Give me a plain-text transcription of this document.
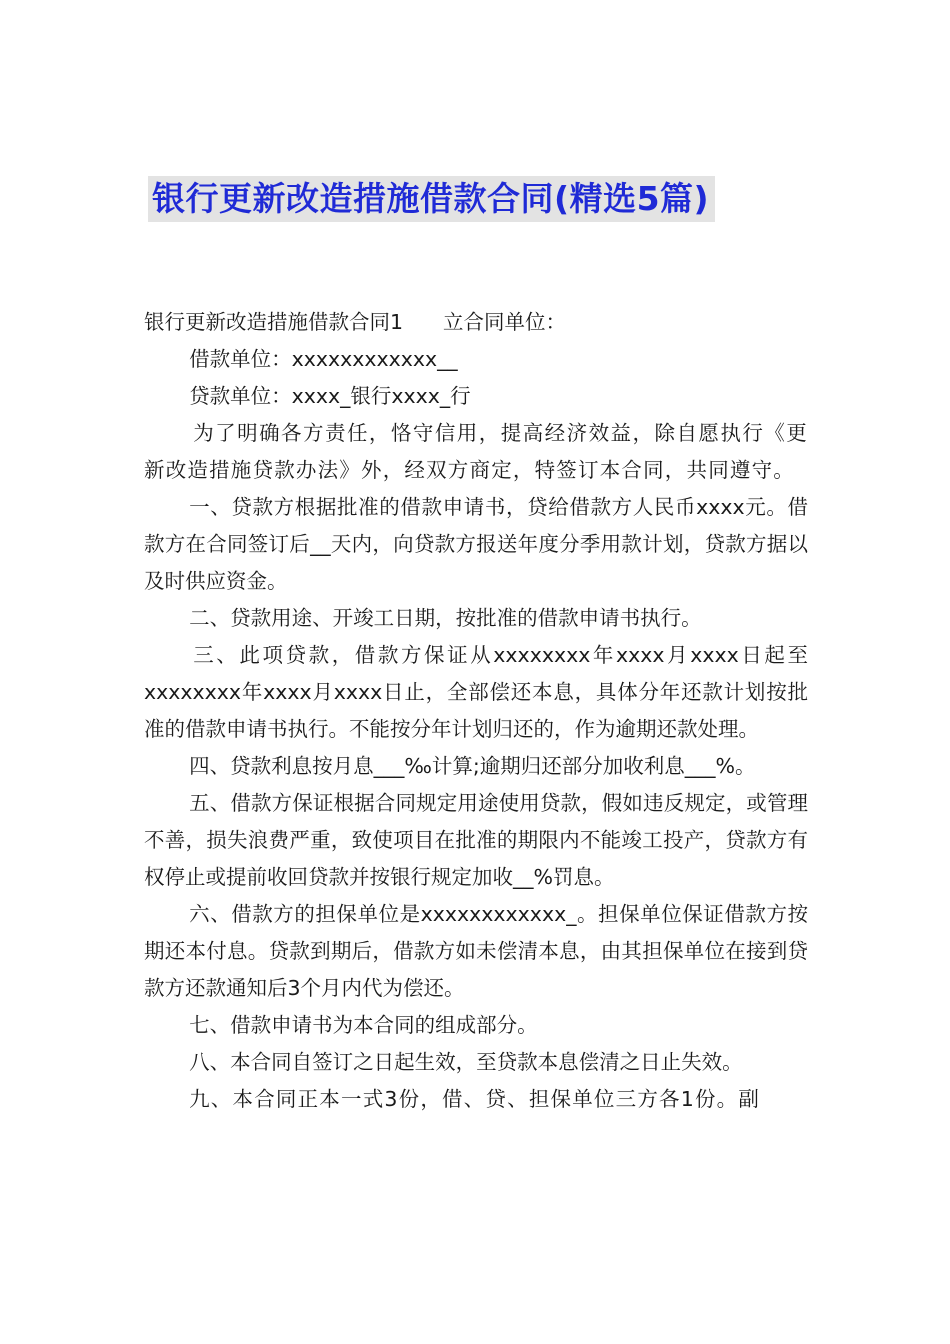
银行更新改造措施借款合同(精选5篇)

银行更新改造措施借款合同1 立合同单位：

借款单位：xxxxxxxxxxxx__

贷款单位：xxxx_银行xxxx_行

为了明确各方责任，恪守信用，提高经济效益，除自愿执行《更新改造措施贷款办法》外，经双方商定，特签订本合同，共同遵守。

一、贷款方根据批准的借款申请书，贷给借款方人民币xxxx元。借款方在合同签订后__天内，向贷款方报送年度分季用款计划，贷款方据以及时供应资金。

二、贷款用途、开竣工日期，按批准的借款申请书执行。

三、此项贷款，借款方保证从xxxxxxxx年xxxx月xxxx日起至xxxxxxxx年xxxx月xxxx日止，全部偿还本息，具体分年还款计划按批准的借款申请书执行。不能按分年计划归还的，作为逾期还款处理。

四、贷款利息按月息___‰计算;逾期归还部分加收利息___%。

五、借款方保证根据合同规定用途使用贷款，假如违反规定，或管理不善，损失浪费严重，致使项目在批准的期限内不能竣工投产，贷款方有权停止或提前收回贷款并按银行规定加收__%罚息。

六、借款方的担保单位是xxxxxxxxxxxx_。担保单位保证借款方按期还本付息。贷款到期后，借款方如未偿清本息，由其担保单位在接到贷款方还款通知后3个月内代为偿还。

七、借款申请书为本合同的组成部分。

八、本合同自签订之日起生效，至贷款本息偿清之日止失效。

九、本合同正本一式3份，借、贷、担保单位三方各1份。副
